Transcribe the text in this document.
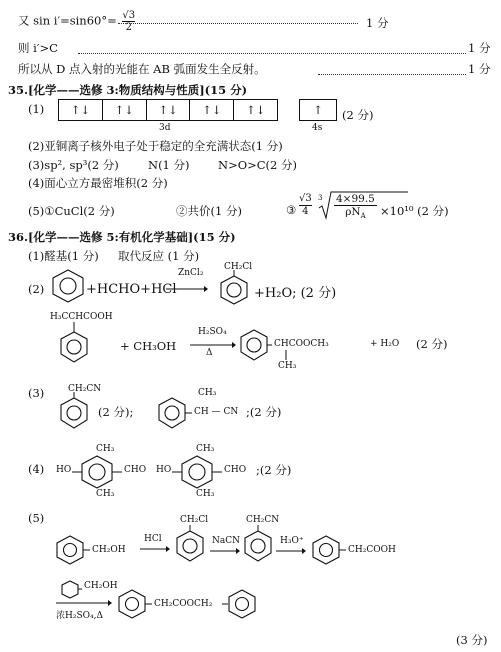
又 $\sin i'=\sin 60^\circ= \frac{√3}{2}$	1 分
则 i′>C	1 分
所以从 D 点入射的光能在 AB 弧面发生全反射。	1 分
35.[化学——选修 3:物质结构与性质](15 分)
(1)	↑↓	↑↓	↑↓	↑↓	↑↓
3d
↑
4s
(2 分)
(2)亚铜离子核外电子处于稳定的全充满状态(1 分)
(3)sp², sp³(2 分)	N(1 分) N>O>C(2 分)
(4)面心立方最密堆积(2 分)
(5)①CuCl(2 分)	②共价(1 分)	③ $\frac{√3}{4} 3$ 4×99.5
$\rho N_A$	×10¹⁰ (2 分)
36.[化学——选修 5:有机化学基础](15 分)
(1)醛基(1 分) 取代反应 (1 分)
(2)	+HCHO+HCl
ZnCl₂
CH₂Cl
+H₂O; (2 分)
H₃CCHCOOH
+ CH₃OH
H₂SO₄
Δ
CHCOOCH₃
CH₃
+ H₂O (2 分)
(3)	CH₂CN
(2 分);
CH₃
CH — CN ;(2 分)
(4)
CH₃
HO	CHO
CH₃
CH₃
HO	CHO
CH₃
;(2 分)
(5)
CH₂OH
HCl
CH₂Cl
NaCN
CH₂CN
H₃O⁺
CH₂COOH
CH₂OH
浓H₂SO₄,Δ
CH₂COOCH₂
(3 分)
